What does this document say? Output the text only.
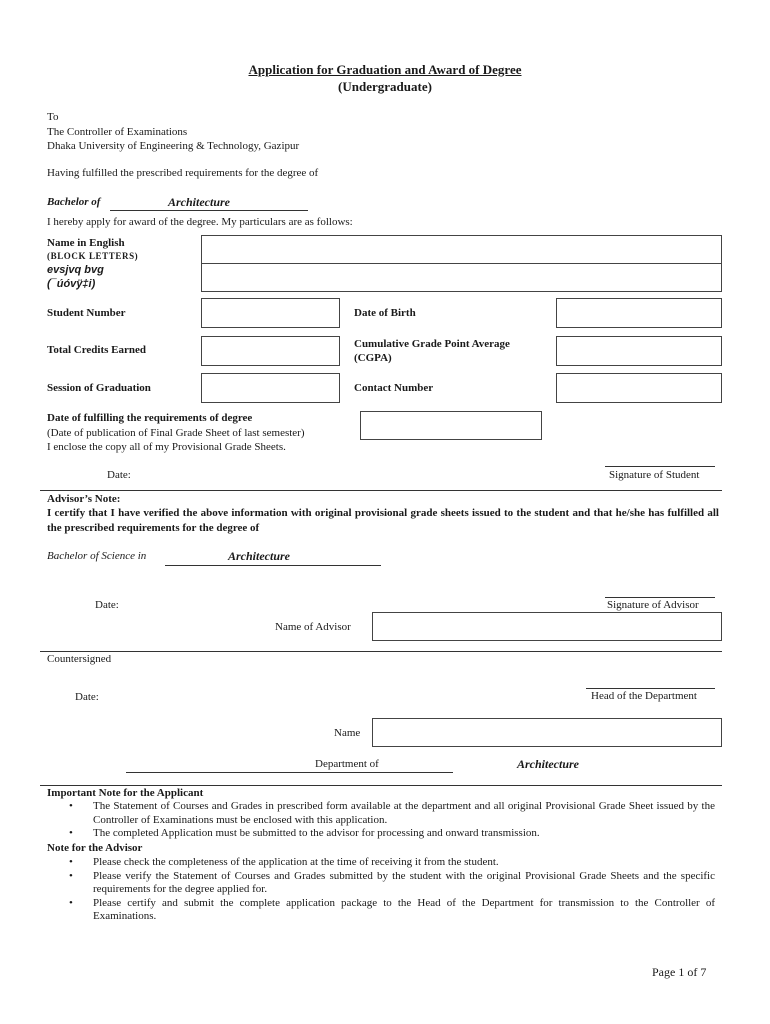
Application for Graduation and Award of Degree
(Undergraduate)
To
The Controller of Examinations
Dhaka University of Engineering & Technology, Gazipur
Having fulfilled the prescribed requirements for the degree of
Bachelor of	Architecture
I hereby apply for award of the degree. My particulars are as follows:
Name in English
(BLOCK LETTERS)
evsjvq bvg
(¯úóvÿ‡i)
Student Number	Date of Birth
Total Credits Earned	Cumulative Grade Point Average
(CGPA)
Session of Graduation	Contact Number
Date of fulfilling the requirements of degree
(Date of publication of Final Grade Sheet of last semester)
I enclose the copy all of my Provisional Grade Sheets.
Date:	Signature of Student
Advisor’s Note:
I certify that I have verified the above information with original provisional grade sheets issued to the student and that he/she has fulfilled all the prescribed requirements for the degree of
Bachelor of Science in	Architecture
Date:	Signature of Advisor
Name of Advisor
Countersigned
Date:	Head of the Department
Name
Department of	Architecture
Important Note for the Applicant
• The Statement of Courses and Grades in prescribed form available at the department and all original Provisional Grade Sheet issued by the Controller of Examinations must be enclosed with this application.
• The completed Application must be submitted to the advisor for processing and onward transmission.
Note for the Advisor
• Please check the completeness of the application at the time of receiving it from the student.
• Please verify the Statement of Courses and Grades submitted by the student with the original Provisional Grade Sheets and the specific requirements for the degree applied for.
• Please certify and submit the complete application package to the Head of the Department for transmission to the Controller of Examinations.
Page 1 of 7
